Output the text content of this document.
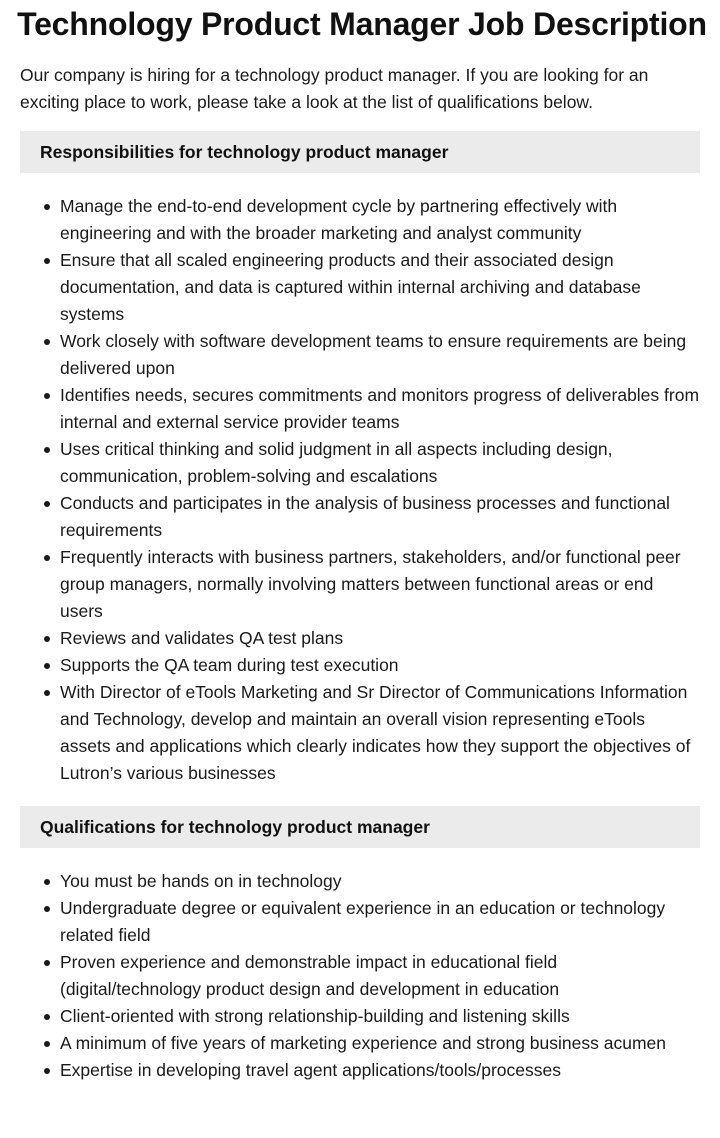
Technology Product Manager Job Description

Our company is hiring for a technology product manager. If you are looking for an exciting place to work, please take a look at the list of qualifications below.

Responsibilities for technology product manager
Manage the end-to-end development cycle by partnering effectively with engineering and with the broader marketing and analyst community
Ensure that all scaled engineering products and their associated design documentation, and data is captured within internal archiving and database systems
Work closely with software development teams to ensure requirements are being delivered upon
Identifies needs, secures commitments and monitors progress of deliverables from internal and external service provider teams
Uses critical thinking and solid judgment in all aspects including design, communication, problem-solving and escalations
Conducts and participates in the analysis of business processes and functional requirements
Frequently interacts with business partners, stakeholders, and/or functional peer group managers, normally involving matters between functional areas or end users
Reviews and validates QA test plans
Supports the QA team during test execution
With Director of eTools Marketing and Sr Director of Communications Information and Technology, develop and maintain an overall vision representing eTools assets and applications which clearly indicates how they support the objectives of Lutron’s various businesses
Qualifications for technology product manager
You must be hands on in technology
Undergraduate degree or equivalent experience in an education or technology related field
Proven experience and demonstrable impact in educational field (digital/technology product design and development in education
Client-oriented with strong relationship-building and listening skills
A minimum of five years of marketing experience and strong business acumen
Expertise in developing travel agent applications/tools/processes
